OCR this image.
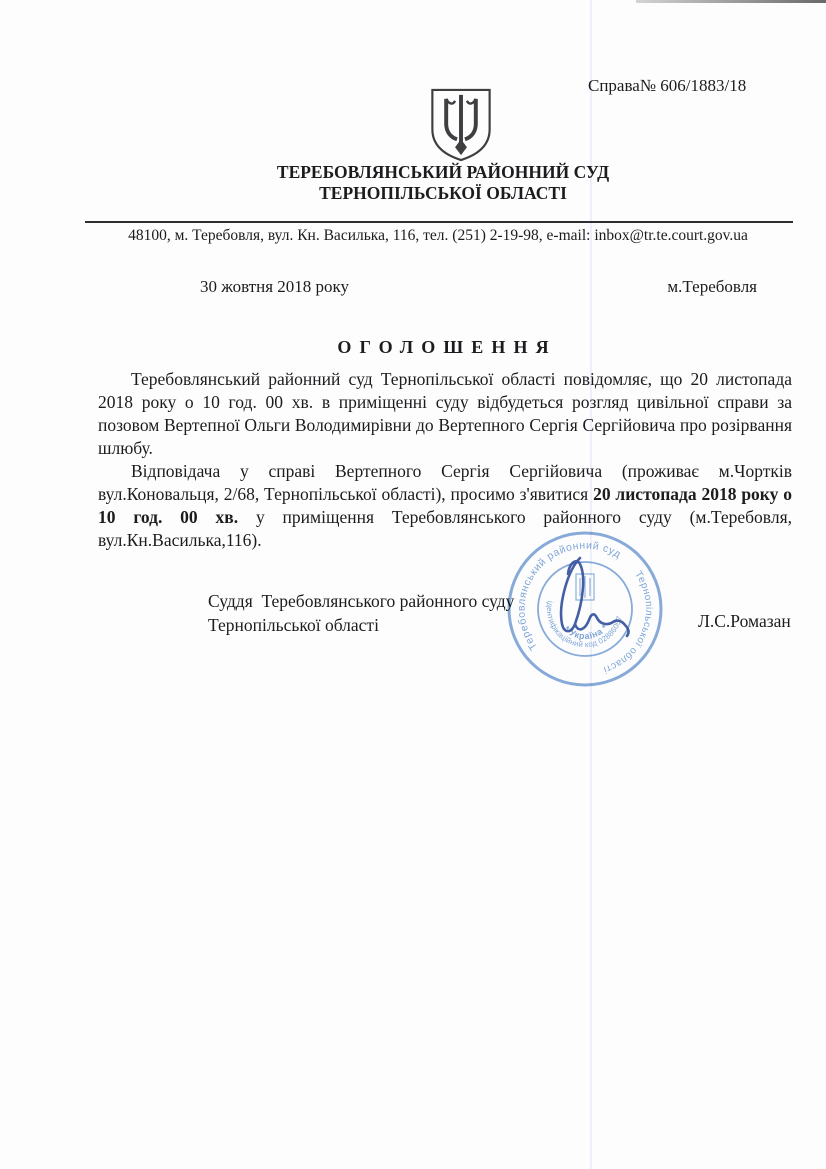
Справа№ 606/1883/18
ТЕРЕБОВЛЯНСЬКИЙ РАЙОННИЙ СУД
ТЕРНОПІЛЬСЬКОЇ ОБЛАСТІ
48100, м. Теребовля, вул. Кн. Василька, 116, тел. (251) 2-19-98, e-mail: inbox@tr.te.court.gov.ua
30 жовтня 2018 року	м.Теребовля
ОГОЛОШЕННЯ

Теребовлянський районний суд Тернопільської області повідомляє, що 20 листопада 2018 року о 10 год. 00 хв. в приміщенні суду відбудеться розгляд цивільної справи за позовом Вертепної Ольги Володимирівни до Вертепного Сергія Сергійовича про розірвання шлюбу.

Відповідача у справі Вертепного Сергія Сергійовича (проживає м.Чортків вул.Коновальця, 2/68, Тернопільської області), просимо з'явитися 20 листопада 2018 року о 10 год. 00 хв. у приміщення Теребовлянського районного суду (м.Теребовля, вул.Кн.Василька,116).

Суддя  Теребовлянського районного суду
Тернопільської області	Л.С.Ромазан
Теребовлянський районний суд
Тернопільської області
ідентифікаційний код 02886057
* Україна *
